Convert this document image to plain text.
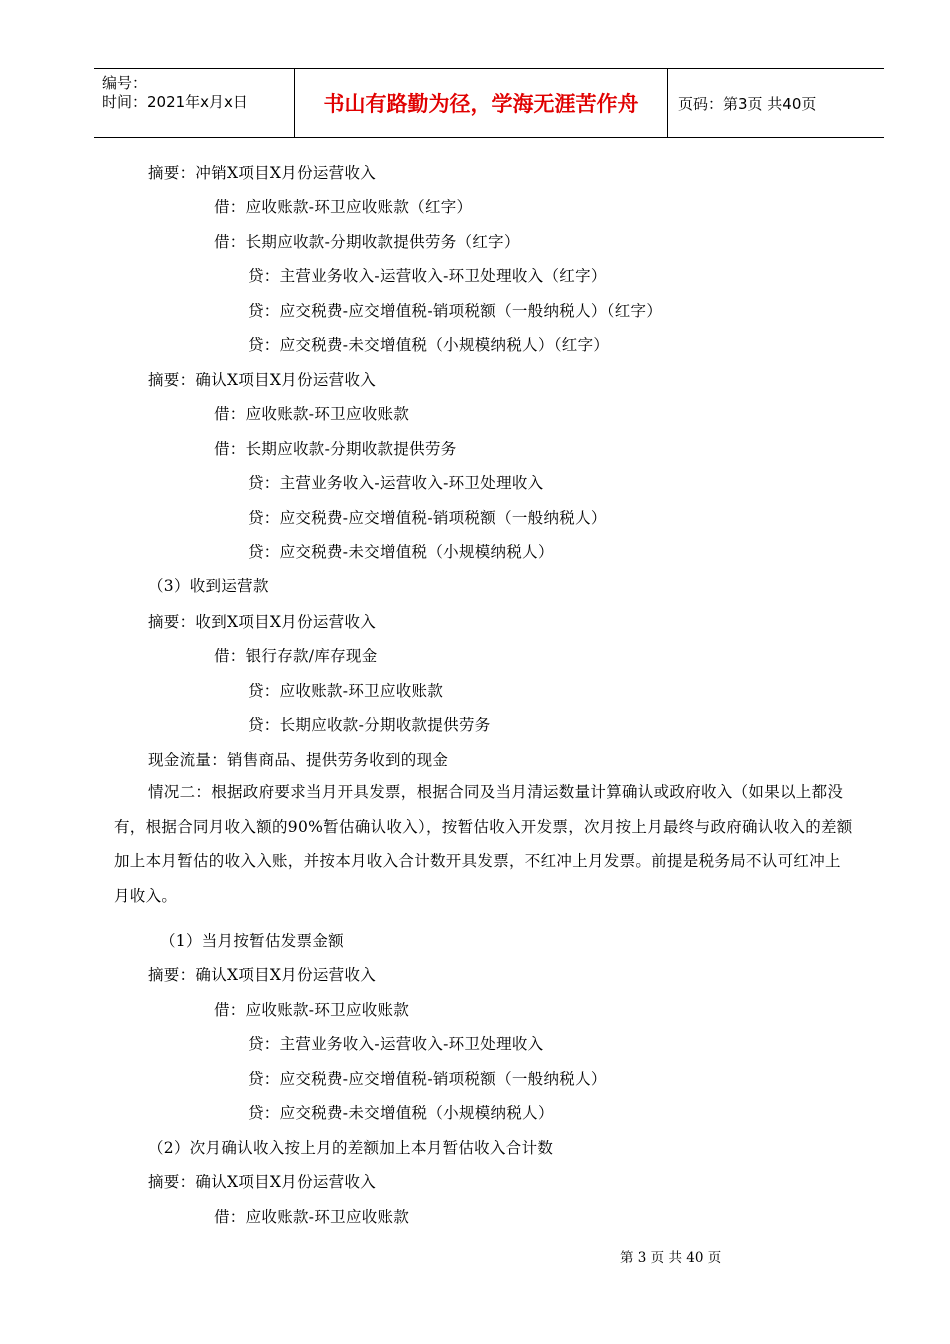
编号：
时间：2021年x月x日	书山有路勤为径，学海无涯苦作舟	页码：第3页 共40页
摘要：冲销X项目X月份运营收入
借：应收账款-环卫应收账款（红字）
借：长期应收款-分期收款提供劳务（红字）
贷：主营业务收入-运营收入-环卫处理收入（红字）
贷：应交税费-应交增值税-销项税额（一般纳税人）（红字）
贷：应交税费-未交增值税（小规模纳税人）（红字）
摘要：确认X项目X月份运营收入
借：应收账款-环卫应收账款
借：长期应收款-分期收款提供劳务
贷：主营业务收入-运营收入-环卫处理收入
贷：应交税费-应交增值税-销项税额（一般纳税人）
贷：应交税费-未交增值税（小规模纳税人）
（3）收到运营款
摘要：收到X项目X月份运营收入
借：银行存款/库存现金
贷：应收账款-环卫应收账款
贷：长期应收款-分期收款提供劳务
现金流量：销售商品、提供劳务收到的现金
情况二：根据政府要求当月开具发票，根据合同及当月清运数量计算确认或政府收入（如果以上都没有，根据合同月收入额的90%暂估确认收入），按暂估收入开发票，次月按上月最终与政府确认收入的差额加上本月暂估的收入入账，并按本月收入合计数开具发票，不红冲上月发票。前提是税务局不认可红冲上月收入。
（1）当月按暂估发票金额
摘要：确认X项目X月份运营收入
借：应收账款-环卫应收账款
贷：主营业务收入-运营收入-环卫处理收入
贷：应交税费-应交增值税-销项税额（一般纳税人）
贷：应交税费-未交增值税（小规模纳税人）
（2）次月确认收入按上月的差额加上本月暂估收入合计数
摘要：确认X项目X月份运营收入
借：应收账款-环卫应收账款
第 3 页 共 40 页
